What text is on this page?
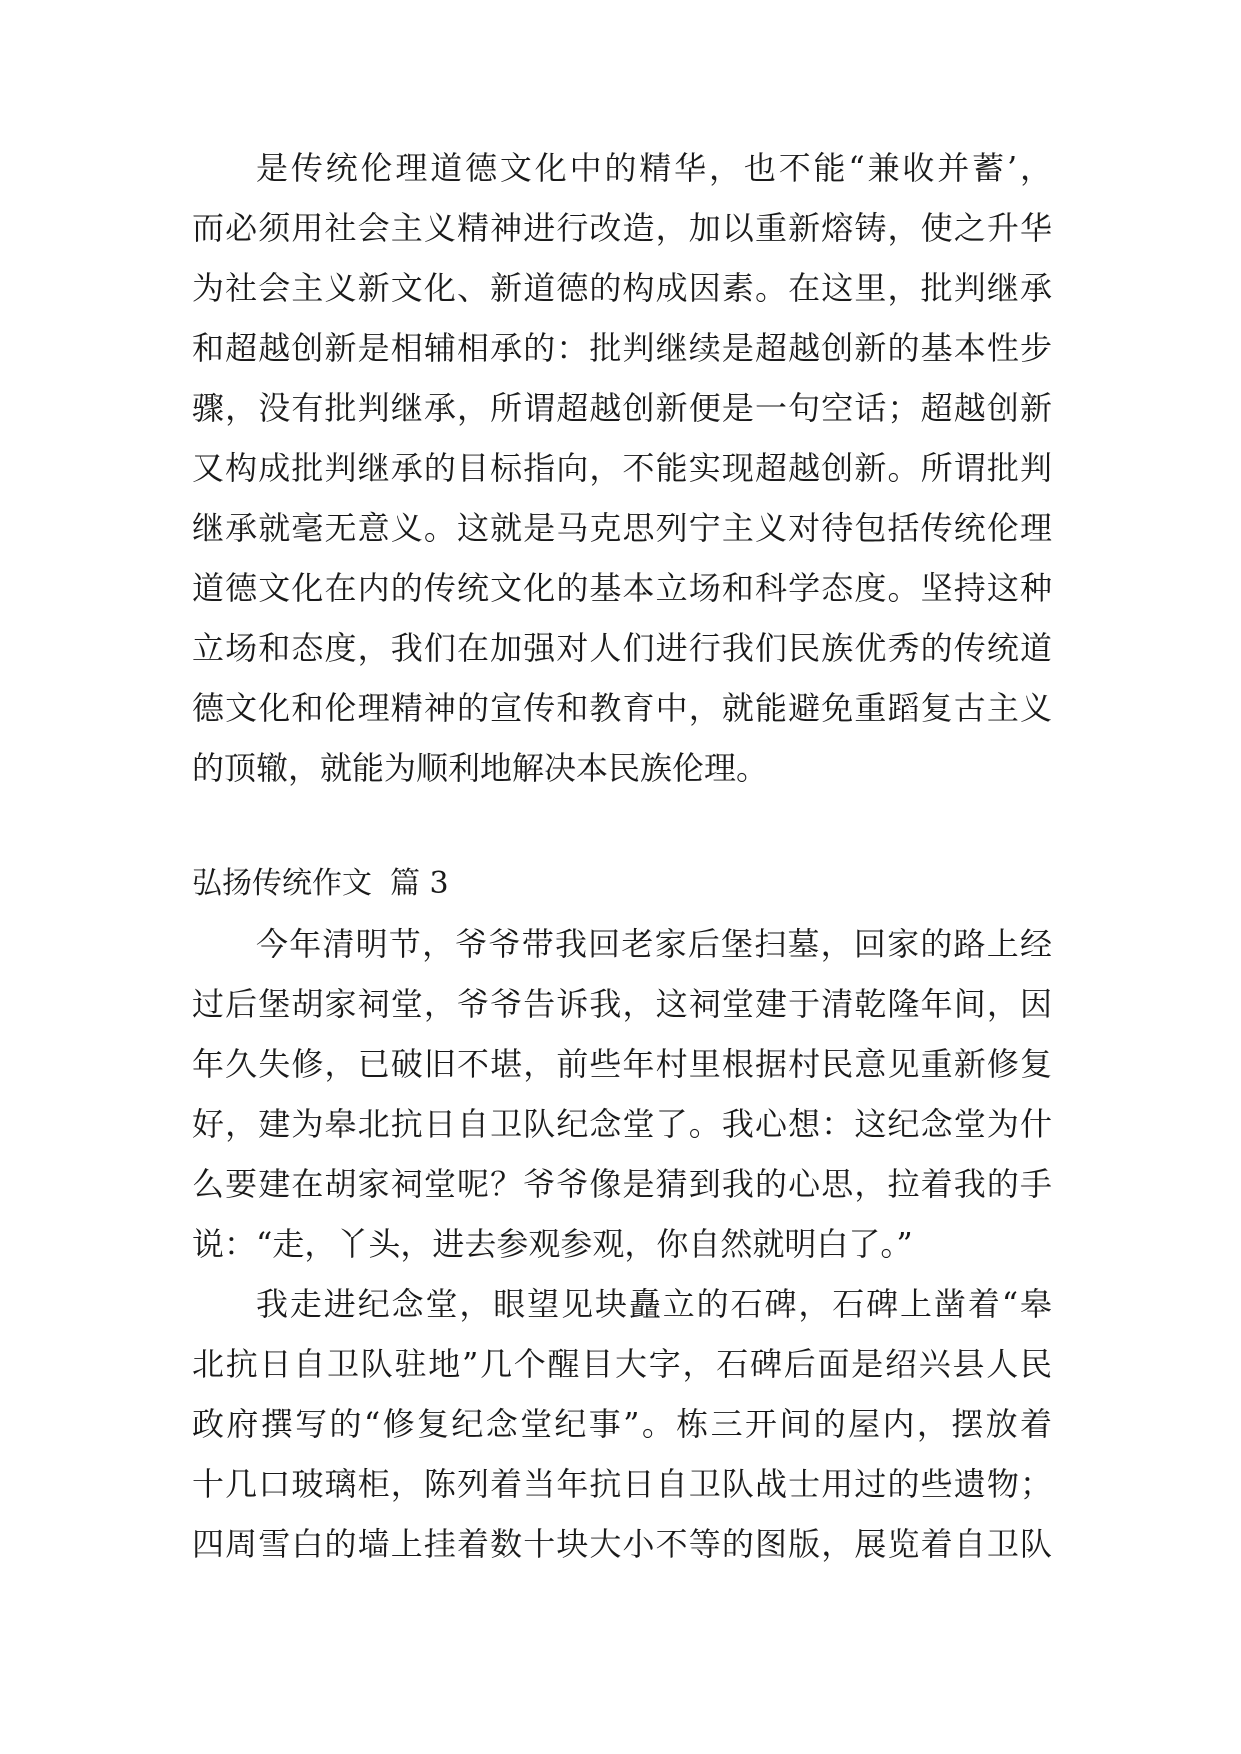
是传统伦理道德文化中的精华，也不能“兼收并蓄’，
而必须用社会主义精神进行改造，加以重新熔铸，使之升华
为社会主义新文化、新道德的构成因素。在这里，批判继承
和超越创新是相辅相承的：批判继续是超越创新的基本性步
骤，没有批判继承，所谓超越创新便是一句空话；超越创新
又构成批判继承的目标指向，不能实现超越创新。所谓批判
继承就毫无意义。这就是马克思列宁主义对待包括传统伦理
道德文化在内的传统文化的基本立场和科学态度。坚持这种
立场和态度，我们在加强对人们进行我们民族优秀的传统道
德文化和伦理精神的宣传和教育中，就能避免重蹈复古主义
的顶辙，就能为顺利地解决本民族伦理。
弘扬传统作文 篇 3
今年清明节，爷爷带我回老家后堡扫墓，回家的路上经
过后堡胡家祠堂，爷爷告诉我，这祠堂建于清乾隆年间，因
年久失修，已破旧不堪，前些年村里根据村民意见重新修复
好，建为皋北抗日自卫队纪念堂了。我心想：这纪念堂为什
么要建在胡家祠堂呢？爷爷像是猜到我的心思，拉着我的手
说：“走，丫头，进去参观参观，你自然就明白了。”
我走进纪念堂，眼望见块矗立的石碑，石碑上凿着“皋
北抗日自卫队驻地”几个醒目大字，石碑后面是绍兴县人民
政府撰写的“修复纪念堂纪事”。栋三开间的屋内，摆放着
十几口玻璃柜，陈列着当年抗日自卫队战士用过的些遗物；
四周雪白的墙上挂着数十块大小不等的图版，展览着自卫队
